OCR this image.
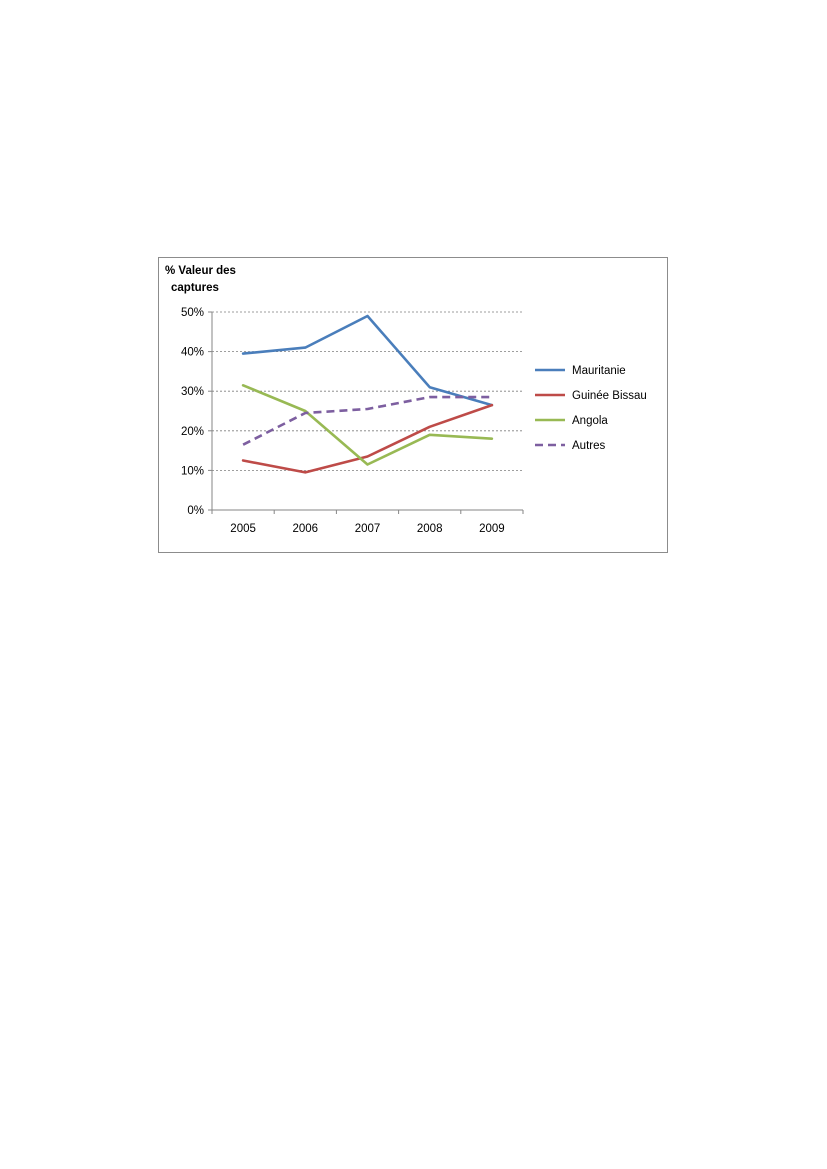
% Valeur des
captures
0%
10%
20%
30%
40%
50%
2005	2006	2007	2008	2009
Mauritanie
Guinée Bissau
Angola
Autres
